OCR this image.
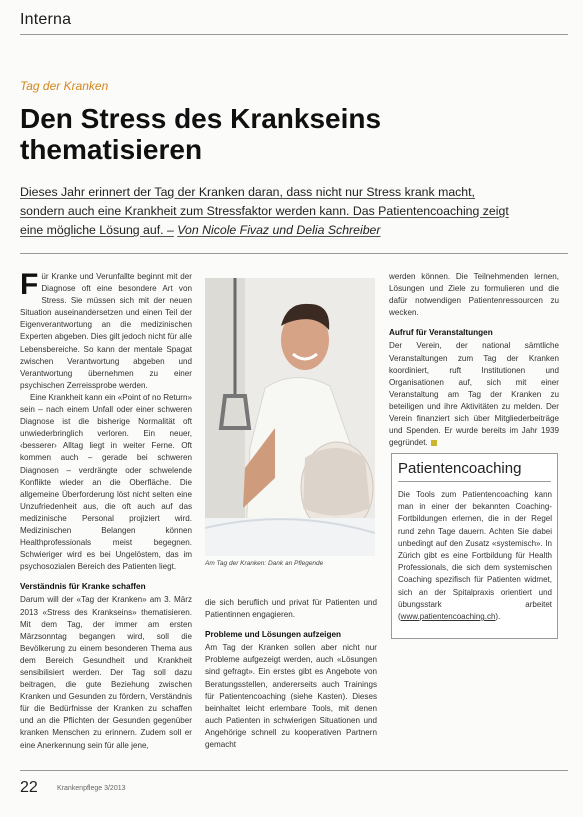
Interna
Tag der Kranken
Den Stress des Krankseins thematisieren
Dieses Jahr erinnert der Tag der Kranken daran, dass nicht nur Stress krank macht,
sondern auch eine Krankheit zum Stressfaktor werden kann. Das Patientencoaching zeigt
eine mögliche Lösung auf. – Von Nicole Fivaz und Delia Schreiber

Für Kranke und Verunfallte beginnt mit der Diagnose oft eine besondere Art von Stress. Sie müssen sich mit der neuen Situation auseinandersetzen und einen Teil der Eigenverantwortung an die medizinischen Experten abgeben. Dies gilt jedoch nicht für alle Lebensbereiche. So kann der mentale Spagat zwischen Verantwortung abgeben und Verantwortung übernehmen zu einer psychischen Zerreissprobe werden.

Eine Krankheit kann ein «Point of no Return» sein – nach einem Unfall oder einer schweren Diagnose ist die bisherige Normalität oft unwiederbringlich verloren. Ein neuer, ‹besserer› Alltag liegt in weiter Ferne. Oft kommen auch – gerade bei schweren Diagnosen – verdrängte oder schwelende Konflikte wieder an die Oberfläche. Die allgemeine Überforderung löst nicht selten eine Unzufriedenheit aus, die oft auch auf das medizinische Personal projiziert wird. Medizinischen Belangen können Healthprofessionals meist begegnen. Schwieriger wird es bei Ungelöstem, das im psychosozialen Bereich des Patienten liegt.

Verständnis für Kranke schaffen

Darum will der «Tag der Kranken» am 3. März 2013 «Stress des Krankseins» thematisieren. Mit dem Tag, der immer am ersten Märzsonntag begangen wird, soll die Bevölkerung zu einem besonderen Thema aus dem Bereich Gesundheit und Krankheit sensibilisiert werden. Der Tag soll dazu beitragen, die gute Beziehung zwischen Kranken und Gesunden zu fördern, Verständnis für die Bedürfnisse der Kranken zu schaffen und an die Pflichten der Gesunden gegenüber kranken Menschen zu erinnern. Zudem soll er eine Anerkennung sein für alle jene,

Am Tag der Kranken: Dank an Pflegende

die sich beruflich und privat für Patienten und Patientinnen engagieren.

Probleme und Lösungen aufzeigen

Am Tag der Kranken sollen aber nicht nur Probleme aufgezeigt werden, auch «Lösungen sind gefragt». Ein erstes gibt es Angebote von Beratungsstellen, andererseits auch Trainings für Patientencoaching (siehe Kasten). Dieses beinhaltet leicht erlernbare Tools, mit denen auch Patienten in schwierigen Situationen und Angehörige schnell zu kooperativen Partnern gemacht

werden können. Die Teilnehmenden lernen, Lösungen und Ziele zu formulieren und die dafür notwendigen Patientenressourcen zu wecken.

Aufruf für Veranstaltungen

Der Verein, der national sämtliche Veranstaltungen zum Tag der Kranken koordiniert, ruft Institutionen und Organisationen auf, sich mit einer Veranstaltung am Tag der Kranken zu beteiligen und ihre Aktivitäten zu melden. Der Verein finanziert sich über Mitgliederbeiträge und Spenden. Er wurde bereits im Jahr 1939 gegründet.

Patientencoaching
Die Tools zum Patientencoaching kann man in einer der bekannten Coaching-Fortbildungen erlernen, die in der Regel rund zehn Tage dauern. Achten Sie dabei unbedingt auf den Zusatz «systemisch». In Zürich gibt es eine Fortbildung für Health Professionals, die sich dem systemischen Coaching spezifisch für Patienten widmet, sich an der Spitalpraxis orientiert und übungsstark arbeitet (www.patientencoaching.ch).
22	Krankenpflege 3/2013
